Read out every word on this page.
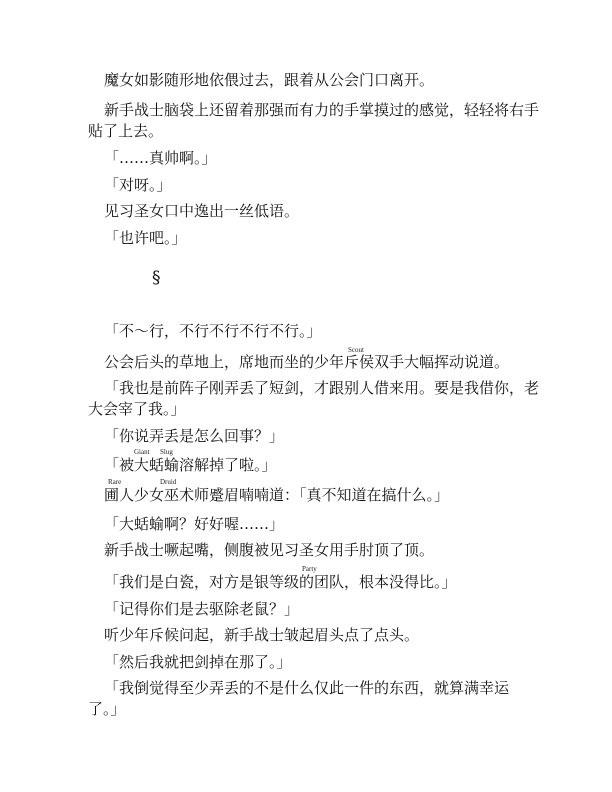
魔女如影随形地依偎过去，跟着从公会门口离开。
新手战士脑袋上还留着那强而有力的手掌摸过的感觉，轻轻将右手
贴了上去。
「……真帅啊。」
「对呀。」
见习圣女口中逸出一丝低语。
「也许吧。」
§
「不～行，不行不行不行不行。」
Scout
公会后头的草地上，席地而坐的少年斥侯双手大幅挥动说道。
「我也是前阵子刚弄丢了短剑，才跟别人借来用。要是我借你，老
大会宰了我。」
「你说弄丢是怎么回事？」
Giant Slug
「被大蛞蝓溶解掉了啦。」
Rare	Druid
圃人少女巫术师蹙眉喃喃道：「真不知道在搞什么。」
「大蛞蝓啊？好好喔……」
新手战士噘起嘴，侧腹被见习圣女用手肘顶了顶。
Party
「我们是白瓷，对方是银等级的团队，根本没得比。」
「记得你们是去驱除老鼠？」
听少年斥候问起，新手战士皱起眉头点了点头。
「然后我就把剑掉在那了。」
「我倒觉得至少弄丢的不是什么仅此一件的东西，就算满幸运
了。」
